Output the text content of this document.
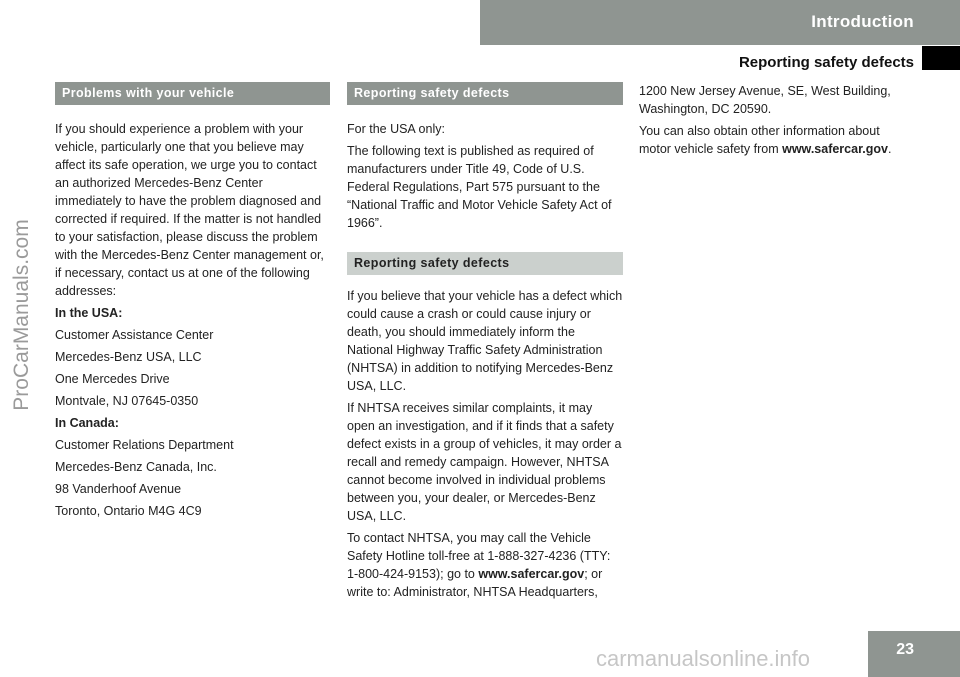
Introduction
Reporting safety defects
ProCarManuals.com
Problems with your vehicle

If you should experience a problem with your vehicle, particularly one that you believe may affect its safe operation, we urge you to contact an authorized Mercedes-Benz Center immediately to have the problem diagnosed and corrected if required. If the matter is not handled to your satisfaction, please discuss the problem with the Mercedes-Benz Center management or, if necessary, contact us at one of the following addresses:

In the USA:

Customer Assistance Center

Mercedes-Benz USA, LLC

One Mercedes Drive

Montvale, NJ 07645-0350

In Canada:

Customer Relations Department

Mercedes-Benz Canada, Inc.

98 Vanderhoof Avenue

Toronto, Ontario M4G 4C9

Reporting safety defects

For the USA only:

The following text is published as required of manufacturers under Title 49, Code of U.S. Federal Regulations, Part 575 pursuant to the “National Traffic and Motor Vehicle Safety Act of 1966”.

Reporting safety defects

If you believe that your vehicle has a defect which could cause a crash or could cause injury or death, you should immediately inform the National Highway Traffic Safety Administration (NHTSA) in addition to notifying Mercedes-Benz USA, LLC.

If NHTSA receives similar complaints, it may open an investigation, and if it finds that a safety defect exists in a group of vehicles, it may order a recall and remedy campaign. However, NHTSA cannot become involved in individual problems between you, your dealer, or Mercedes-Benz USA, LLC.

To contact NHTSA, you may call the Vehicle Safety Hotline toll-free at 1-888-327-4236 (TTY: 1-800-424-9153); go to www.safercar.gov; or write to: Administrator, NHTSA Headquarters,

1200 New Jersey Avenue, SE, West Building, Washington, DC 20590.

You can also obtain other information about motor vehicle safety from www.safercar.gov.

23
carmanualsonline.info
